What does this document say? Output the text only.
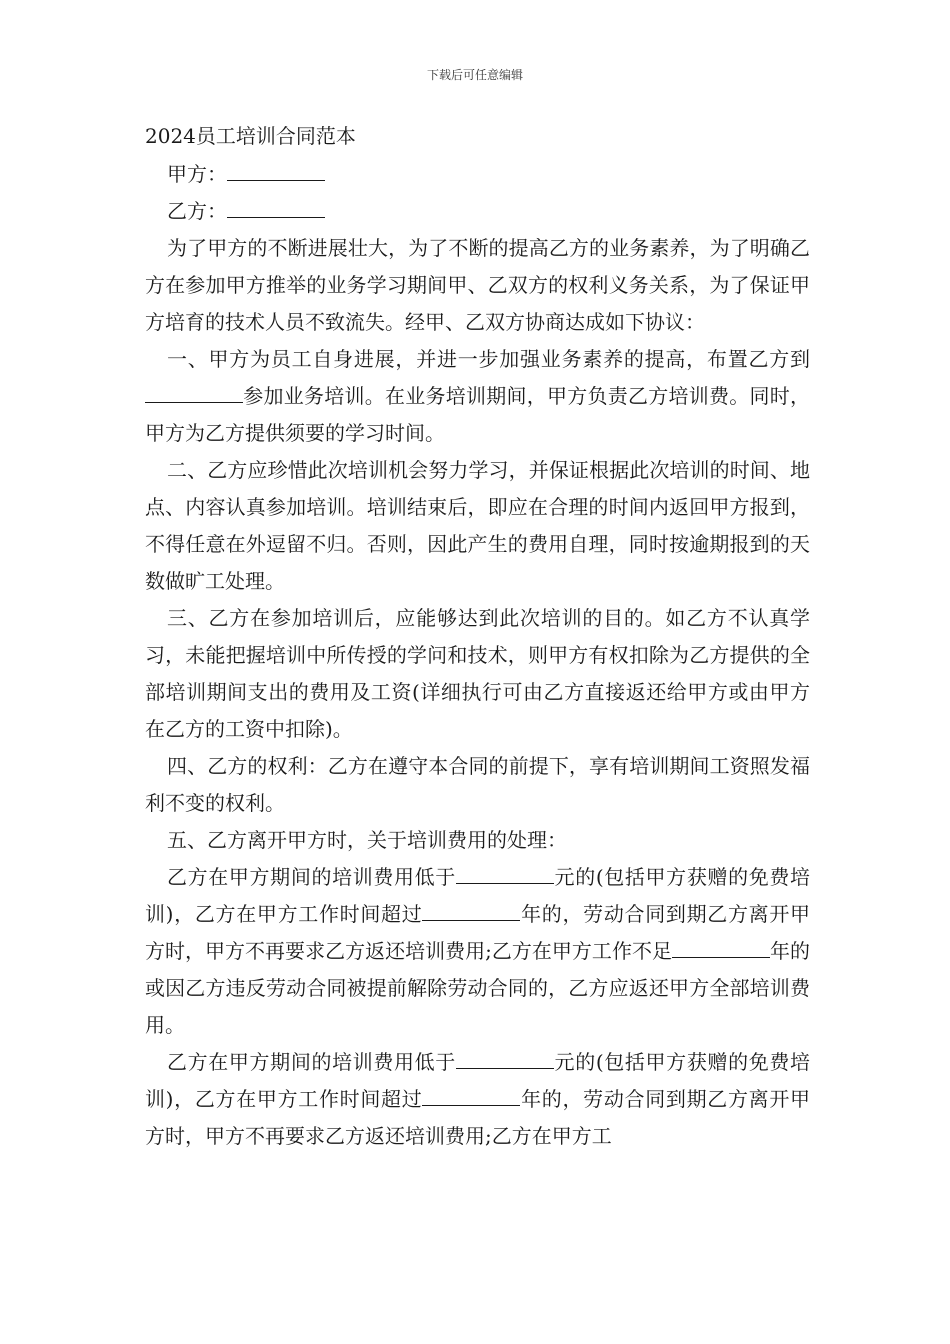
下载后可任意编辑
2024员工培训合同范本
甲方：
乙方：

为了甲方的不断进展壮大，为了不断的提高乙方的业务素养，为了明确乙方在参加甲方推举的业务学习期间甲、乙双方的权利义务关系，为了保证甲方培育的技术人员不致流失。经甲、乙双方协商达成如下协议：

一、甲方为员工自身进展，并进一步加强业务素养的提高，布置乙方到参加业务培训。在业务培训期间，甲方负责乙方培训费。同时，甲方为乙方提供须要的学习时间。

二、乙方应珍惜此次培训机会努力学习，并保证根据此次培训的时间、地点、内容认真参加培训。培训结束后，即应在合理的时间内返回甲方报到，不得任意在外逗留不归。否则，因此产生的费用自理，同时按逾期报到的天数做旷工处理。

三、乙方在参加培训后，应能够达到此次培训的目的。如乙方不认真学习，未能把握培训中所传授的学问和技术，则甲方有权扣除为乙方提供的全部培训期间支出的费用及工资(详细执行可由乙方直接返还给甲方或由甲方在乙方的工资中扣除)。

四、乙方的权利：乙方在遵守本合同的前提下，享有培训期间工资照发福利不变的权利。

五、乙方离开甲方时，关于培训费用的处理：

乙方在甲方期间的培训费用低于	元的(包括甲方获赠的免费培训)，乙方在甲方工作时间超过	年的，劳动合同到期乙方离开甲方时，甲方不再要求乙方返还培训费用;乙方在甲方工作不足	年的或因乙方违反劳动合同被提前解除劳动合同的，乙方应返还甲方全部培训费用。

乙方在甲方期间的培训费用低于	元的(包括甲方获赠的免费培训)，乙方在甲方工作时间超过	年的，劳动合同到期乙方离开甲方时，甲方不再要求乙方返还培训费用;乙方在甲方工
